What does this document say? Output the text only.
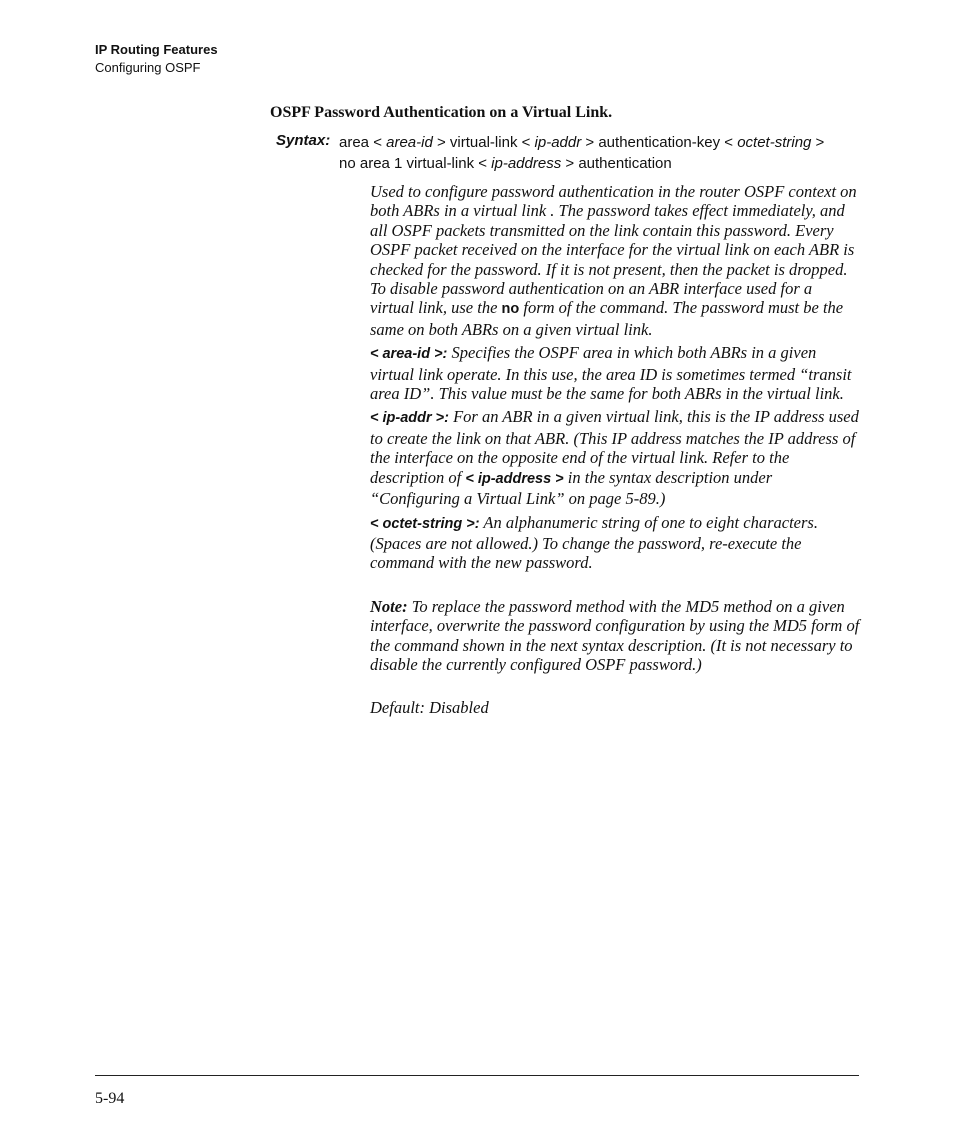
IP Routing Features
Configuring OSPF
OSPF Password Authentication on a Virtual Link.
Syntax: area < area-id > virtual-link < ip-addr > authentication-key < octet-string >
no area 1 virtual-link < ip-address > authentication

Used to configure password authentication in the router OSPF context on both ABRs in a virtual link . The password takes effect immediately, and all OSPF packets transmitted on the link contain this password. Every OSPF packet received on the interface for the virtual link on each ABR is checked for the password. If it is not present, then the packet is dropped. To disable password authentication on an ABR interface used for a virtual link, use the no form of the command. The password must be the same on both ABRs on a given virtual link.

< area-id >: Specifies the OSPF area in which both ABRs in a given virtual link operate. In this use, the area ID is sometimes termed “transit area ID”. This value must be the same for both ABRs in the virtual link.

< ip-addr >: For an ABR in a given virtual link, this is the IP address used to create the link on that ABR. (This IP address matches the IP address of the interface on the opposite end of the virtual link. Refer to the description of < ip-address > in the syntax description under “Configuring a Virtual Link” on page 5-89.)

< octet-string >: An alphanumeric string of one to eight characters. (Spaces are not allowed.) To change the password, re-execute the command with the new password.

Note: To replace the password method with the MD5 method on a given interface, overwrite the password configuration by using the MD5 form of the command shown in the next syntax description. (It is not necessary to disable the currently configured OSPF password.)

Default: Disabled

5-94
